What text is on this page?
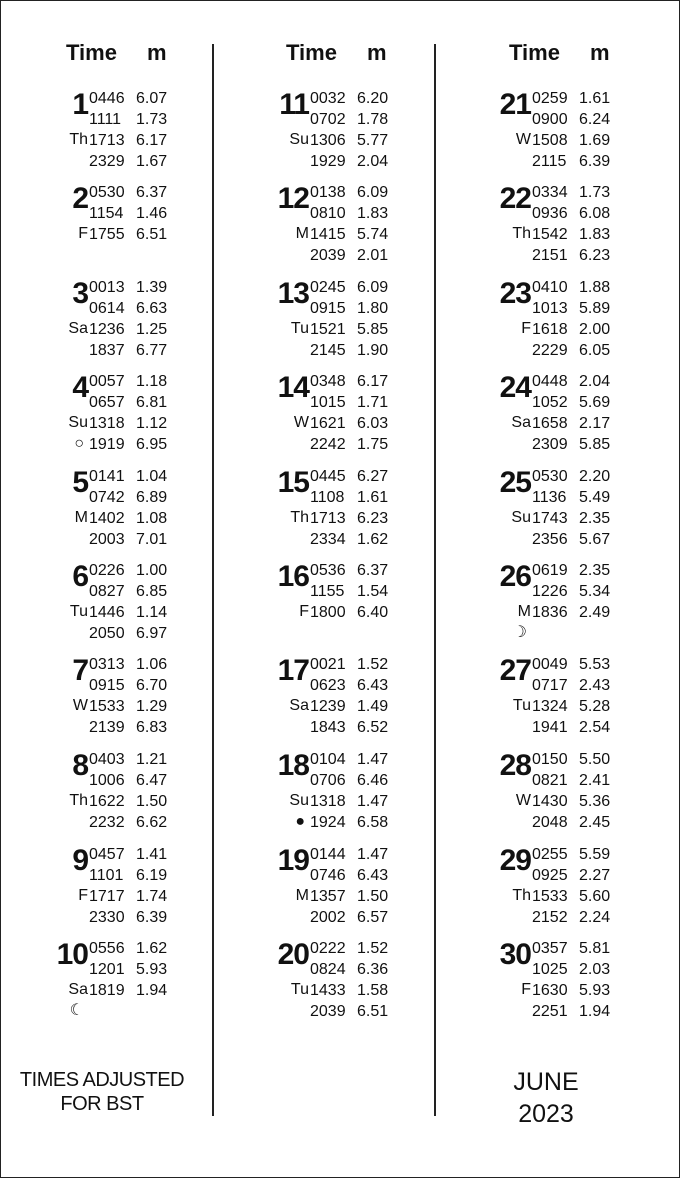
Time m	Time m	Time m
1
Th
0446 6.07
1111 1.73
1713 6.17
2329 1.67
2
F
0530 6.37
1154 1.46
1755 6.51
3
Sa
0013 1.39
0614 6.63
1236 1.25
1837 6.77
4
Su
○
0057 1.18
0657 6.81
1318 1.12
1919 6.95
5
M
0141 1.04
0742 6.89
1402 1.08
2003 7.01
6
Tu
0226 1.00
0827 6.85
1446 1.14
2050 6.97
7
W
0313 1.06
0915 6.70
1533 1.29
2139 6.83
8
Th
0403 1.21
1006 6.47
1622 1.50
2232 6.62
9
F
0457 1.41
1101 6.19
1717 1.74
2330 6.39
10
Sa
☾
0556 1.62
1201 5.93
1819 1.94
11
Su
0032 6.20
0702 1.78
1306 5.77
1929 2.04
12
M
0138 6.09
0810 1.83
1415 5.74
2039 2.01
13
Tu
0245 6.09
0915 1.80
1521 5.85
2145 1.90
14
W
0348 6.17
1015 1.71
1621 6.03
2242 1.75
15
Th
0445 6.27
1108 1.61
1713 6.23
2334 1.62
16
F
0536 6.37
1155 1.54
1800 6.40
17
Sa
0021 1.52
0623 6.43
1239 1.49
1843 6.52
18
Su
●
0104 1.47
0706 6.46
1318 1.47
1924 6.58
19
M
0144 1.47
0746 6.43
1357 1.50
2002 6.57
20
Tu
0222 1.52
0824 6.36
1433 1.58
2039 6.51
21
W
0259 1.61
0900 6.24
1508 1.69
2115 6.39
22
Th
0334 1.73
0936 6.08
1542 1.83
2151 6.23
23
F
0410 1.88
1013 5.89
1618 2.00
2229 6.05
24
Sa
0448 2.04
1052 5.69
1658 2.17
2309 5.85
25
Su
0530 2.20
1136 5.49
1743 2.35
2356 5.67
26
M
☽
0619 2.35
1226 5.34
1836 2.49
27
Tu
0049 5.53
0717 2.43
1324 5.28
1941 2.54
28
W
0150 5.50
0821 2.41
1430 5.36
2048 2.45
29
Th
0255 5.59
0925 2.27
1533 5.60
2152 2.24
30
F
0357 5.81
1025 2.03
1630 5.93
2251 1.94
TIMES ADJUSTED
FOR BST
JUNE
2023
